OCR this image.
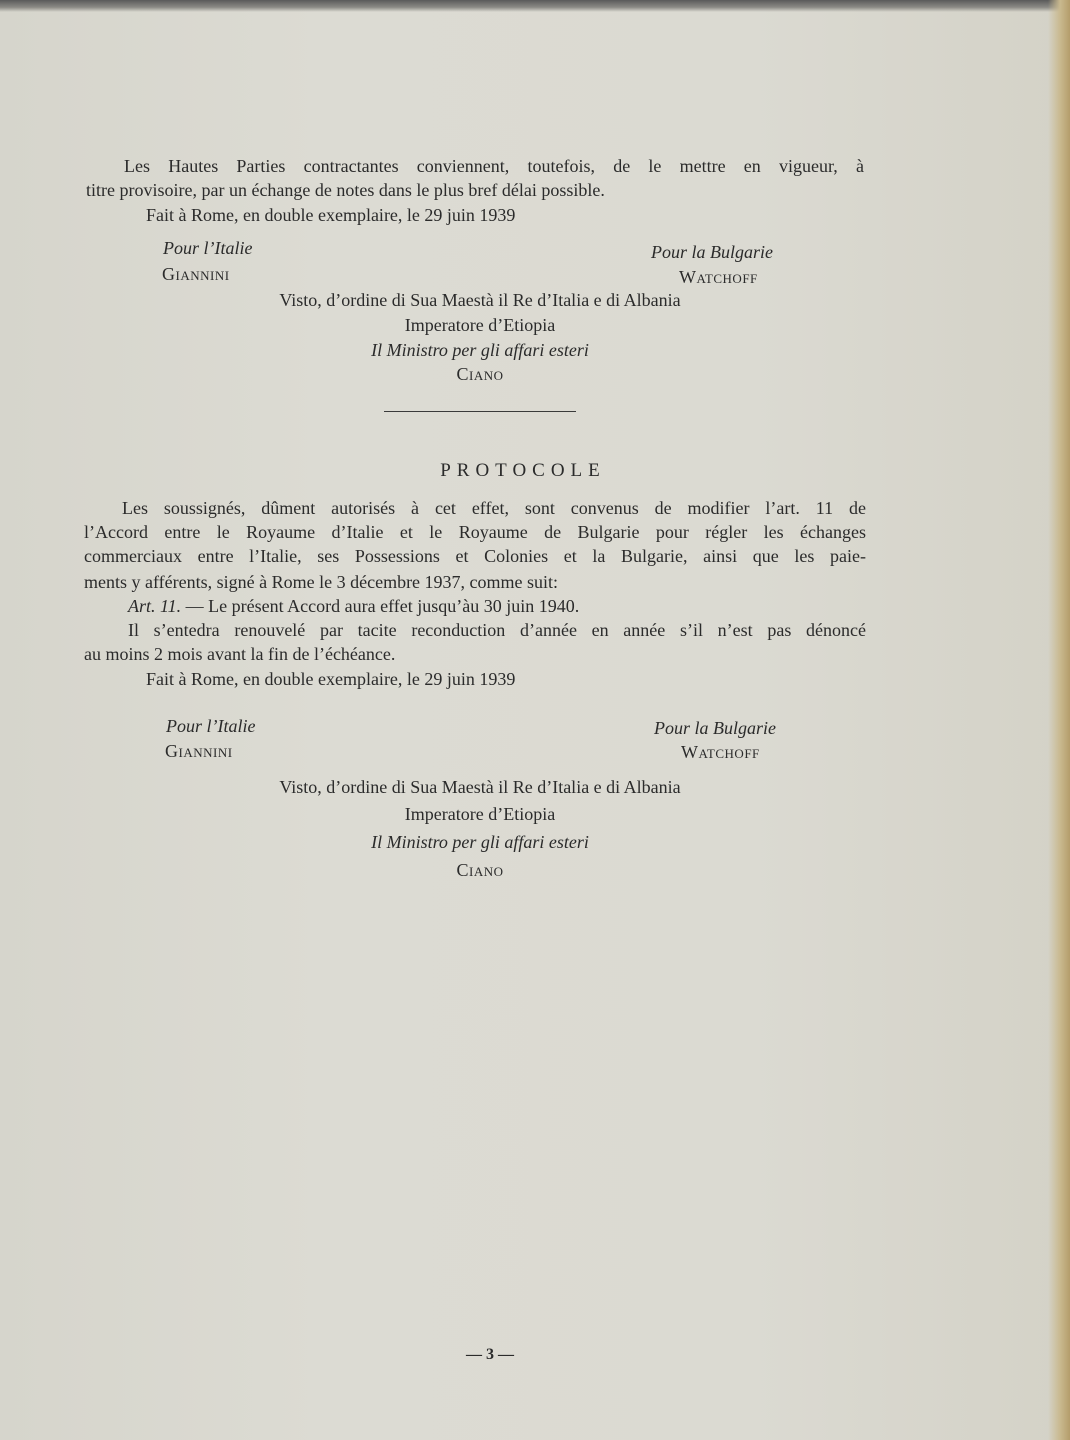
Les Hautes Parties contractantes conviennent, toutefois, de le mettre en vigueur, à
titre provisoire, par un échange de notes dans le plus bref délai possible.
Fait à Rome, en double exemplaire, le 29 juin 1939
Pour l’Italie
Giannini
Pour la Bulgarie
Watchoff
Visto, d’ordine di Sua Maestà il Re d’Italia e di Albania
Imperatore d’Etiopia
Il Ministro per gli affari esteri
Ciano
PROTOCOLE
Les soussignés, dûment autorisés à cet effet, sont convenus de modifier l’art. 11 de
l’Accord entre le Royaume d’Italie et le Royaume de Bulgarie pour régler les échanges
commerciaux entre l’Italie, ses Possessions et Colonies et la Bulgarie, ainsi que les paie-
ments y afférents, signé à Rome le 3 décembre 1937, comme suit:
Art. 11. — Le présent Accord aura effet jusqu’àu 30 juin 1940.
Il s’entedra renouvelé par tacite reconduction d’année en année s’il n’est pas dénoncé
au moins 2 mois avant la fin de l’échéance.
Fait à Rome, en double exemplaire, le 29 juin 1939
Pour l’Italie
Giannini
Pour la Bulgarie
Watchoff
Visto, d’ordine di Sua Maestà il Re d’Italia e di Albania
Imperatore d’Etiopia
Il Ministro per gli affari esteri
Ciano
— 3 —
